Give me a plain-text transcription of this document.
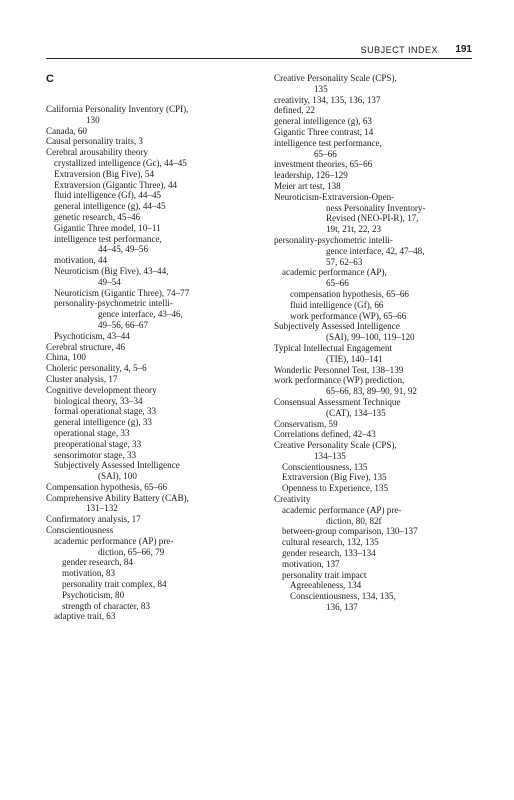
SUBJECT INDEX 191
C
California Personality Inventory (CPI),
130
Canada, 60
Causal personality traits, 3
Cerebral arousability theory
crystallized intelligence (Gc), 44–45
Extraversion (Big Five), 54
Extraversion (Gigantic Three), 44
fluid intelligence (Gf), 44–45
general intelligence (g), 44–45
genetic research, 45–46
Gigantic Three model, 10–11
intelligence test performance,
44–45, 49–56
motivation, 44
Neuroticism (Big Five), 43–44,
49–54
Neuroticism (Gigantic Three), 74–77
personality-psychometric intelli-
gence interface, 43–46,
49–56, 66–67
Psychoticism, 43–44
Cerebral structure, 46
China, 100
Choleric personality, 4, 5–6
Cluster analysis, 17
Cognitive development theory
biological theory, 33–34
formal operational stage, 33
general intelligence (g), 33
operational stage, 33
preoperational stage, 33
sensorimotor stage, 33
Subjectively Assessed Intelligence
(SAI), 100
Compensation hypothesis, 65–66
Comprehensive Ability Battery (CAB),
131–132
Confirmatory analysis, 17
Conscientiousness
academic performance (AP) pre-
diction, 65–66, 79
gender research, 84
motivation, 83
personality trait complex, 84
Psychoticism, 80
strength of character, 83
adaptive trait, 63
Creative Personality Scale (CPS),
135
creativity, 134, 135, 136, 137
defined, 22
general intelligence (g), 63
Gigantic Three contrast, 14
intelligence test performance,
65–66
investment theories, 65–66
leadership, 126–129
Meier art test, 138
Neuroticism-Extraversion-Open-
ness Personality Inventory-
Revised (NEO-PI-R), 17,
19t, 21t, 22, 23
personality-psychometric intelli-
gence interface, 42, 47–48,
57, 62–63
academic performance (AP),
65–66
compensation hypothesis, 65–66
fluid intelligence (Gf), 66
work performance (WP), 65–66
Subjectively Assessed Intelligence
(SAI), 99–100, 119–120
Typical Intellectual Engagement
(TIE), 140–141
Wonderlic Personnel Test, 138–139
work performance (WP) prediction,
65–66, 83, 89–90, 91, 92
Consensual Assessment Technique
(CAT), 134–135
Conservatism, 59
Correlations defined, 42–43
Creative Personality Scale (CPS),
134–135
Conscientiousness, 135
Extraversion (Big Five), 135
Openness to Experience, 135
Creativity
academic performance (AP) pre-
diction, 80, 82f
between-group comparison, 130–137
cultural research, 132, 135
gender research, 133–134
motivation, 137
personality trait impact
Agreeableness, 134
Conscientiousness, 134, 135,
136, 137
